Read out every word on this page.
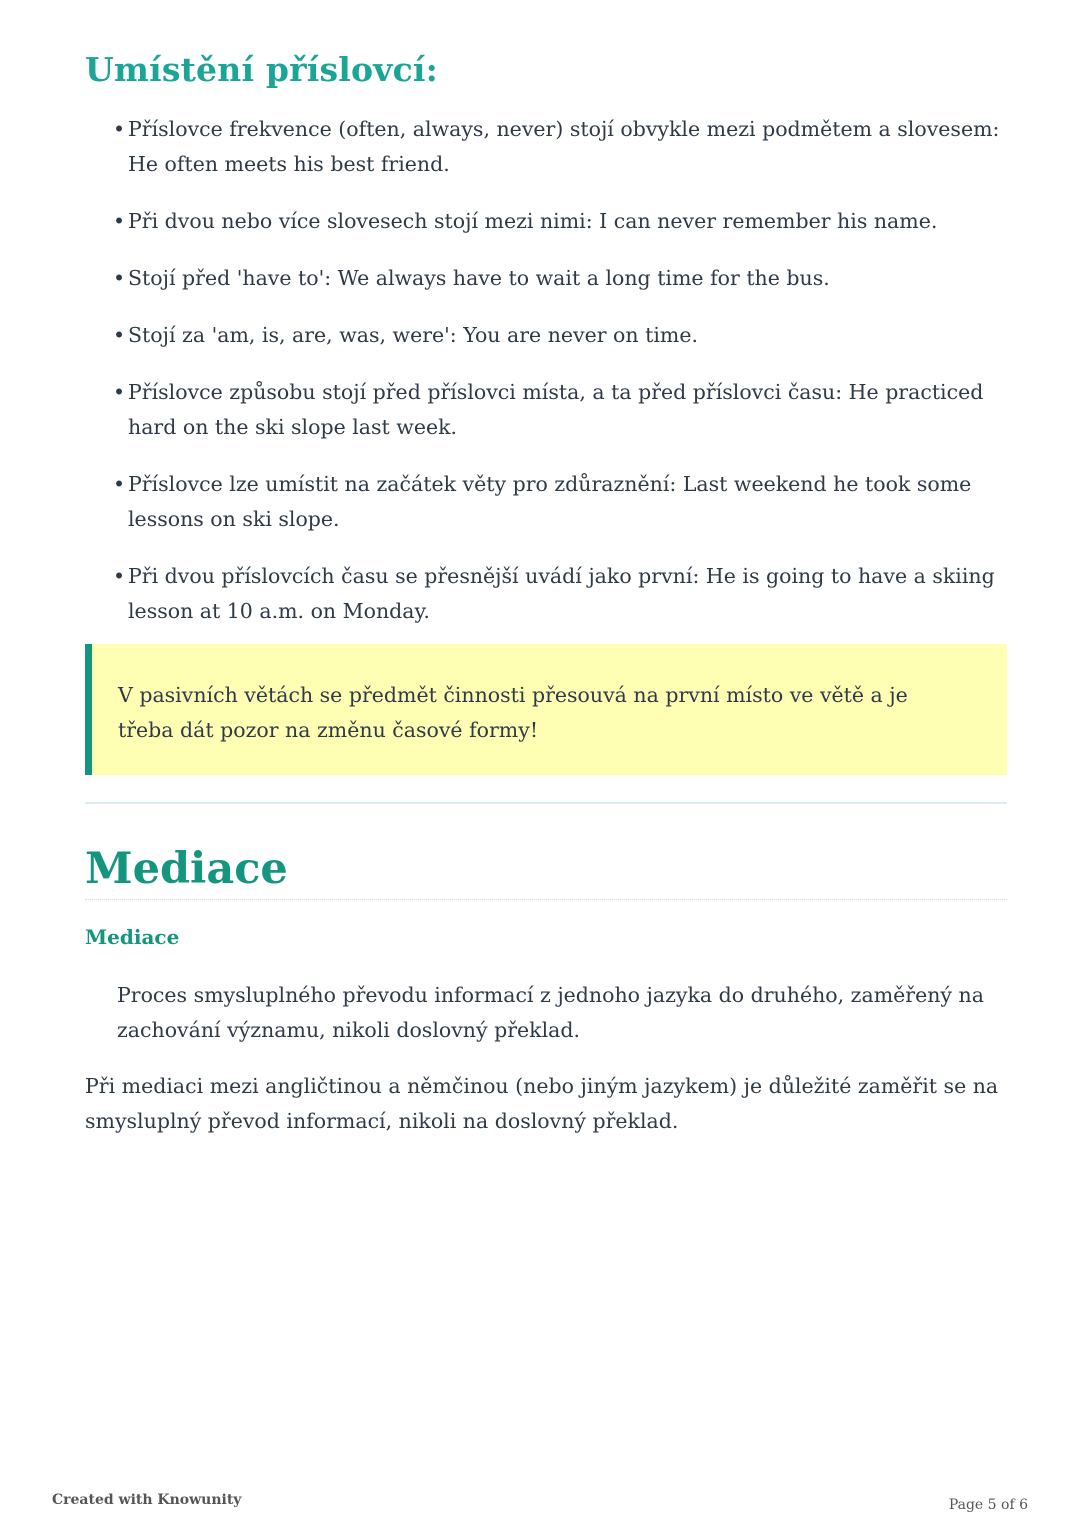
Umístění příslovcí:
• Příslovce frekvence (often, always, never) stojí obvykle mezi podmětem a slovesem: He often meets his best friend.
• Při dvou nebo více slovesech stojí mezi nimi: I can never remember his name.
• Stojí před 'have to': We always have to wait a long time for the bus.
• Stojí za 'am, is, are, was, were': You are never on time.
• Příslovce způsobu stojí před příslovci místa, a ta před příslovci času: He practiced hard on the ski slope last week.
• Příslovce lze umístit na začátek věty pro zdůraznění: Last weekend he took some lessons on ski slope.
• Při dvou příslovcích času se přesnější uvádí jako první: He is going to have a skiing lesson at 10 a.m. on Monday.
V pasivních větách se předmět činnosti přesouvá na první místo ve větě a je třeba dát pozor na změnu časové formy!
Mediace
Mediace

Proces smysluplného převodu informací z jednoho jazyka do druhého, zaměřený na zachování významu, nikoli doslovný překlad.

Při mediaci mezi angličtinou a němčinou (nebo jiným jazykem) je důležité zaměřit se na smysluplný převod informací, nikoli na doslovný překlad.

Created with Knowunity	Page 5 of 6
